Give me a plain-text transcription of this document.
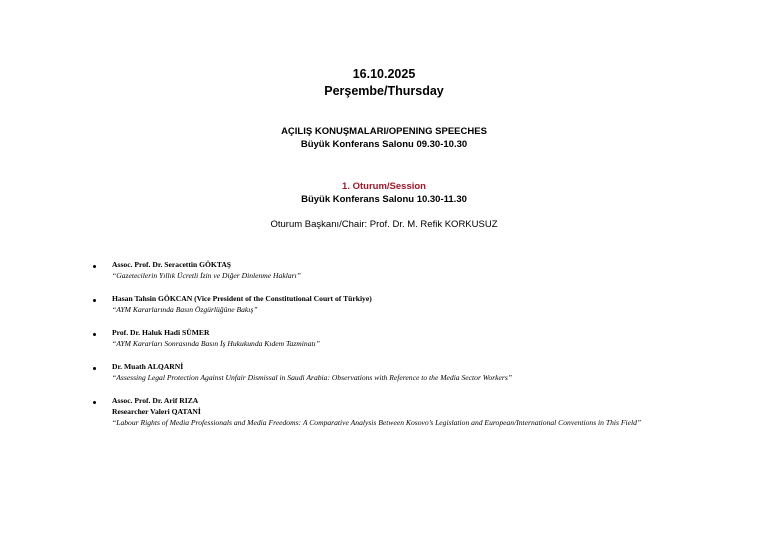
16.10.2025
Perşembe/Thursday
AÇILIŞ KONUŞMALARI/OPENING SPEECHES
Büyük Konferans Salonu 09.30-10.30
1. Oturum/Session
Büyük Konferans Salonu 10.30-11.30
Oturum Başkanı/Chair: Prof. Dr. M. Refik KORKUSUZ
Assoc. Prof. Dr. Seracettin GÖKTAŞ
“Gazetecilerin Yıllık Ücretli İzin ve Diğer Dinlenme Hakları”
Hasan Tahsin GÖKCAN (Vice President of the Constitutional Court of Türkiye)
“AYM Kararlarında Basın Özgürlüğüne Bakış”
Prof. Dr. Haluk Hadi SÜMER
“AYM Kararları Sonrasında Basın İş Hukukunda Kıdem Tazminatı”
Dr. Muath ALQARNİ
“Assessing Legal Protection Against Unfair Dismissal in Saudi Arabia: Observations with Reference to the Media Sector Workers”
Assoc. Prof. Dr. Arif RIZA
Researcher Valeri QATANİ
“Labour Rights of Media Professionals and Media Freedoms: A Comparative Analysis Between Kosovo’s Legislation and European/International Conventions in This Field”
